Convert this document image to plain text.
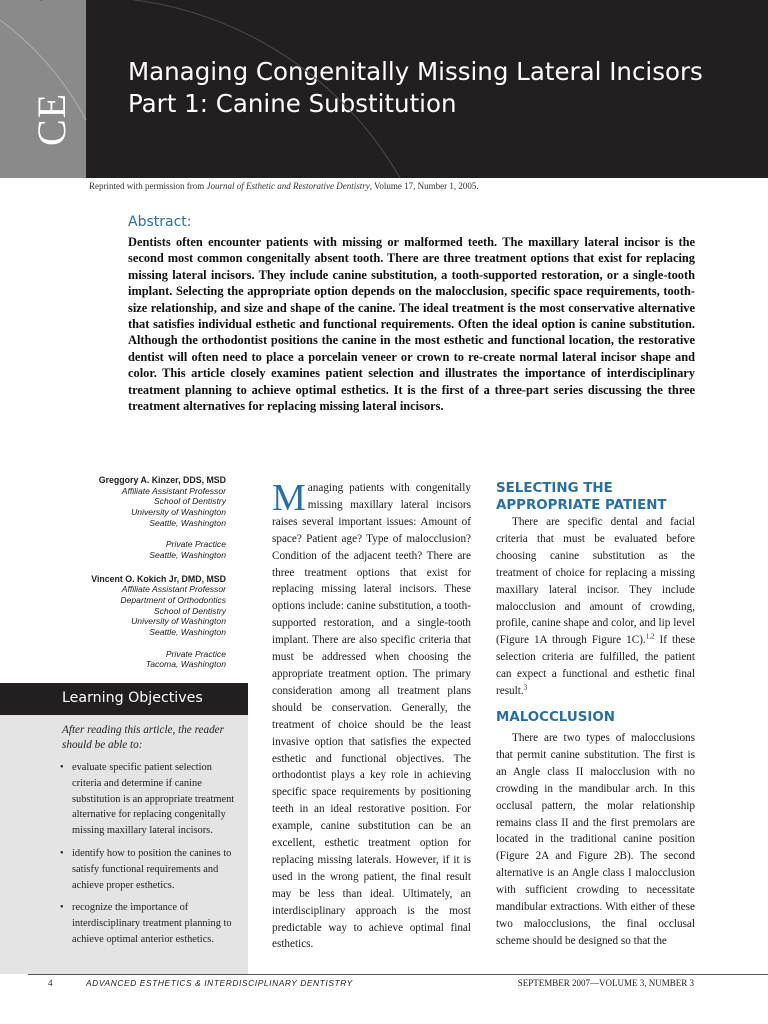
CE
Managing Congenitally Missing Lateral Incisors Part 1: Canine Substitution
Reprinted with permission from Journal of Esthetic and Restorative Dentistry, Volume 17, Number 1, 2005.
Abstract:

Dentists often encounter patients with missing or malformed teeth. The maxillary lateral incisor is the second most common congenitally absent tooth. There are three treatment options that exist for replacing missing lateral incisors. They include canine substitution, a tooth-supported restoration, or a single-tooth implant. Selecting the appropriate option depends on the malocclusion, specific space requirements, tooth-size relationship, and size and shape of the canine. The ideal treatment is the most conservative alternative that satisfies individual esthetic and functional requirements. Often the ideal option is canine substitution. Although the orthodontist positions the canine in the most esthetic and functional location, the restorative dentist will often need to place a porcelain veneer or crown to re-create normal lateral incisor shape and color. This article closely examines patient selection and illustrates the importance of interdisciplinary treatment planning to achieve optimal esthetics. It is the first of a three-part series discussing the three treatment alternatives for replacing missing lateral incisors.

Greggory A. Kinzer, DDS, MSD
Affiliate Assistant Professor
School of Dentistry
University of Washington
Seattle, Washington
Private Practice
Seattle, Washington
Vincent O. Kokich Jr, DMD, MSD
Affiliate Assistant Professor
Department of Orthodontics
School of Dentistry
University of Washington
Seattle, Washington
Private Practice
Tacoma, Washington
Learning Objectives

After reading this article, the reader should be able to:

• evaluate specific patient selection criteria and determine if canine substitution is an appropriate treatment alternative for replacing congenitally missing maxillary lateral incisors.
• identify how to position the canines to satisfy functional requirements and achieve proper esthetics.
• recognize the importance of interdisciplinary treatment planning to achieve optimal anterior esthetics.
Managing patients with congenitally missing maxillary lateral incisors raises several important issues: Amount of space? Patient age? Type of malocclusion? Condition of the adjacent teeth? There are three treatment options that exist for replacing missing lateral incisors. These options include: canine substitution, a tooth-supported restoration, and a single-tooth implant. There are also specific criteria that must be addressed when choosing the appropriate treatment option. The primary consideration among all treatment plans should be conservation. Generally, the treatment of choice should be the least invasive option that satisfies the expected esthetic and functional objectives. The orthodontist plays a key role in achieving specific space requirements by positioning teeth in an ideal restorative position. For example, canine substitution can be an excellent, esthetic treatment option for replacing missing laterals. However, if it is used in the wrong patient, the final result may be less than ideal. Ultimately, an interdisciplinary approach is the most predictable way to achieve optimal final esthetics.
SELECTING THE APPROPRIATE PATIENT
There are specific dental and facial criteria that must be evaluated before choosing canine substitution as the treatment of choice for replacing a missing maxillary lateral incisor. They include malocclusion and amount of crowding, profile, canine shape and color, and lip level (Figure 1A through Figure 1C).$^{1,2}$ If these selection criteria are fulfilled, the patient can expect a functional and esthetic final result.$^3$
MALOCCLUSION
There are two types of malocclusions that permit canine substitution. The first is an Angle class II malocclusion with no crowding in the mandibular arch. In this occlusal pattern, the molar relationship remains class II and the first premolars are located in the traditional canine position (Figure 2A and Figure 2B). The second alternative is an Angle class I malocclusion with sufficient crowding to necessitate mandibular extractions. With either of these two malocclusions, the final occlusal scheme should be designed so that the
4	ADVANCED ESTHETICS & INTERDISCIPLINARY DENTISTRY	SEPTEMBER 2007—VOLUME 3, NUMBER 3
